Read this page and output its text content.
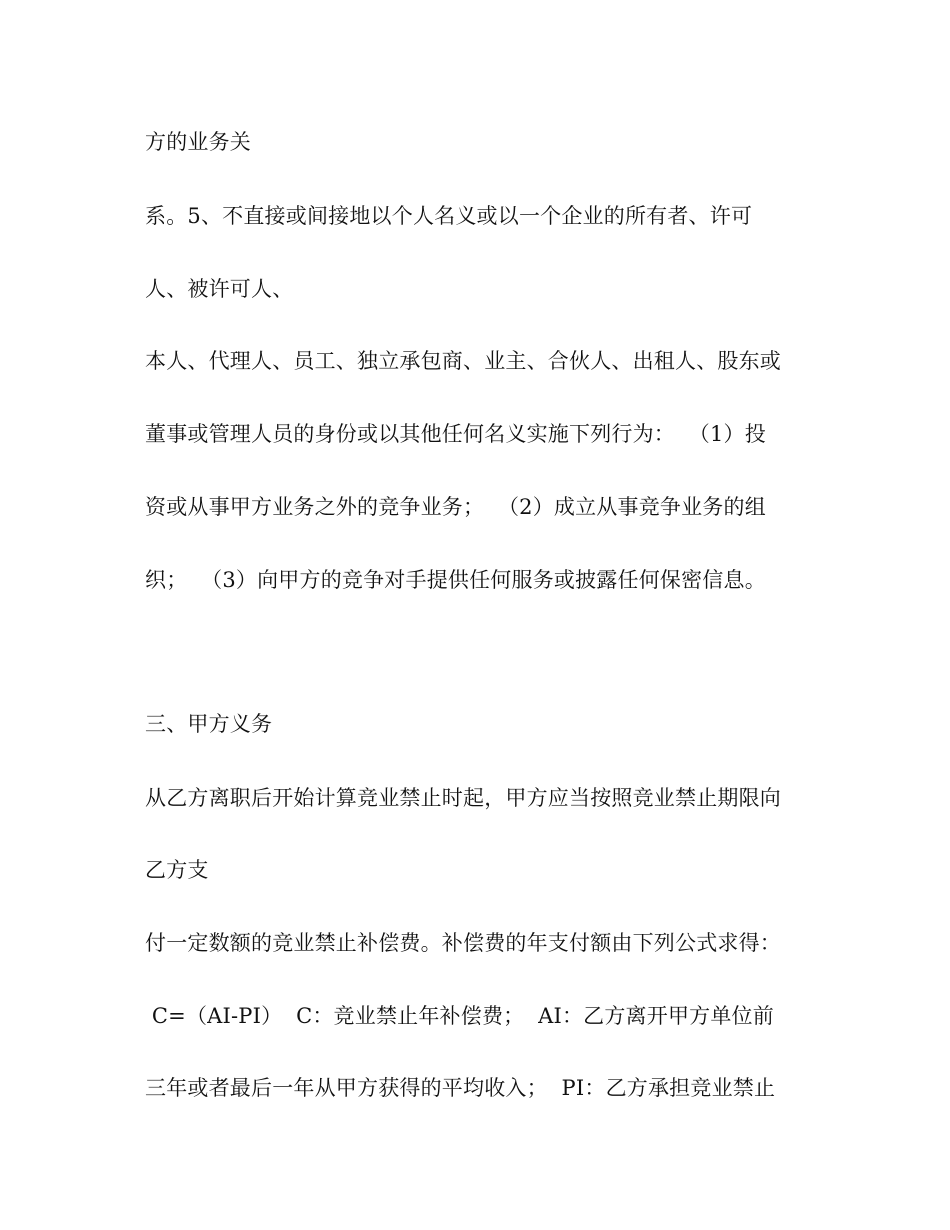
方的业务关
系。5、不直接或间接地以个人名义或以一个企业的所有者、许可
人、被许可人、
本人、代理人、员工、独立承包商、业主、合伙人、出租人、股东或
董事或管理人员的身份或以其他任何名义实施下列行为：  （1）投
资或从事甲方业务之外的竞争业务；  （2）成立从事竞争业务的组
织；  （3）向甲方的竞争对手提供任何服务或披露任何保密信息。
三、甲方义务
从乙方离职后开始计算竞业禁止时起，甲方应当按照竞业禁止期限向
乙方支
付一定数额的竞业禁止补偿费。补偿费的年支付额由下列公式求得：
C=（AI-PI）  C：竞业禁止年补偿费；  AI：乙方离开甲方单位前
三年或者最后一年从甲方获得的平均收入；  PI：乙方承担竞业禁止
